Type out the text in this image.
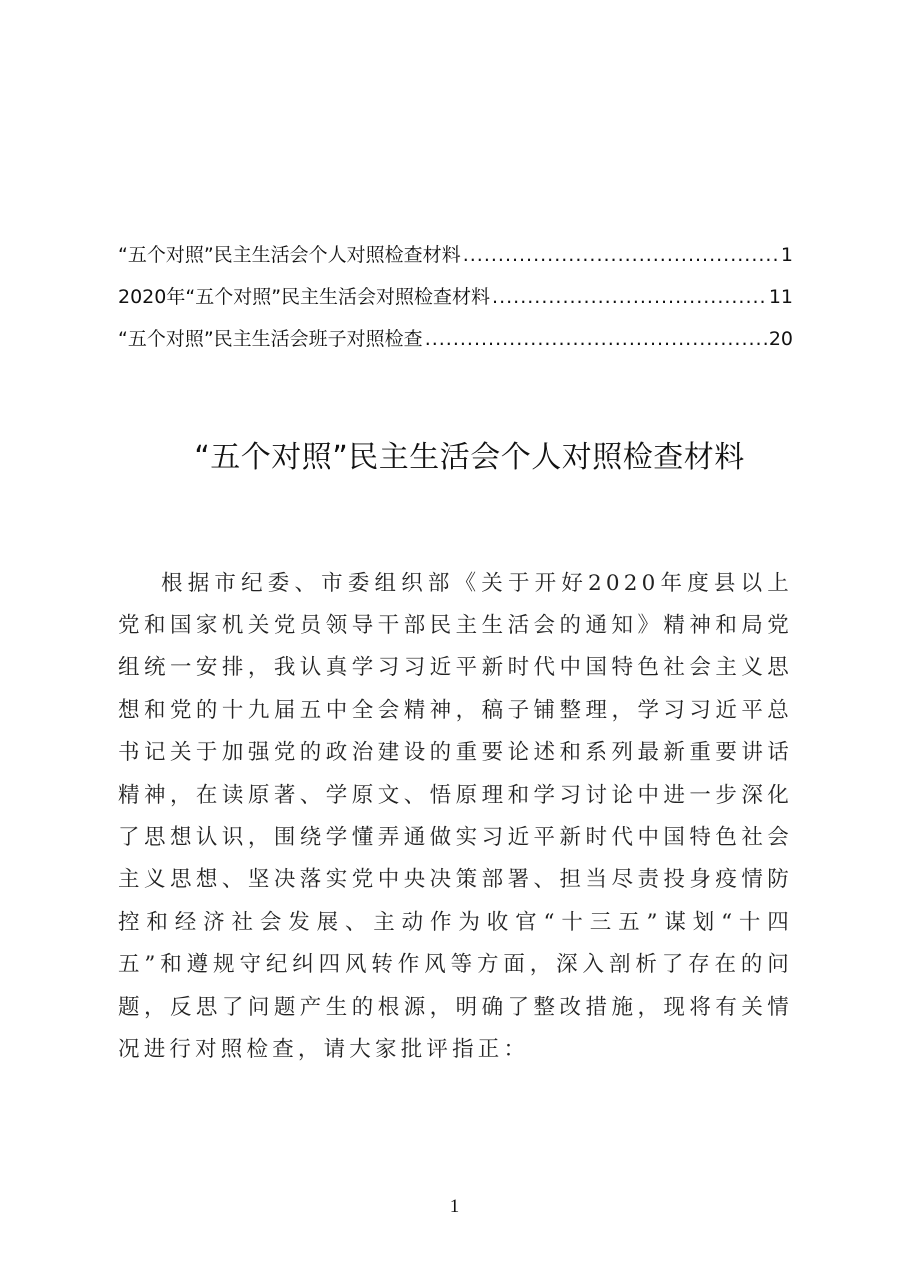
“五个对照”民主生活会个人对照检查材料 .....	1
2020年“五个对照”民主生活会对照检查材料 .....	11
“五个对照”民主生活会班子对照检查 .....	20
“五个对照”民主生活会个人对照检查材料

根据市纪委、市委组织部《关于开好2020年度县以上党和国家机关党员领导干部民主生活会的通知》精神和局党组统一安排，我认真学习习近平新时代中国特色社会主义思想和党的十九届五中全会精神，稿子铺整理，学习习近平总书记关于加强党的政治建设的重要论述和系列最新重要讲话精神，在读原著、学原文、悟原理和学习讨论中进一步深化了思想认识，围绕学懂弄通做实习近平新时代中国特色社会主义思想、坚决落实党中央决策部署、担当尽责投身疫情防控和经济社会发展、主动作为收官“十三五”谋划“十四五”和遵规守纪纠四风转作风等方面，深入剖析了存在的问题，反思了问题产生的根源，明确了整改措施，现将有关情况进行对照检查，请大家批评指正：

1
